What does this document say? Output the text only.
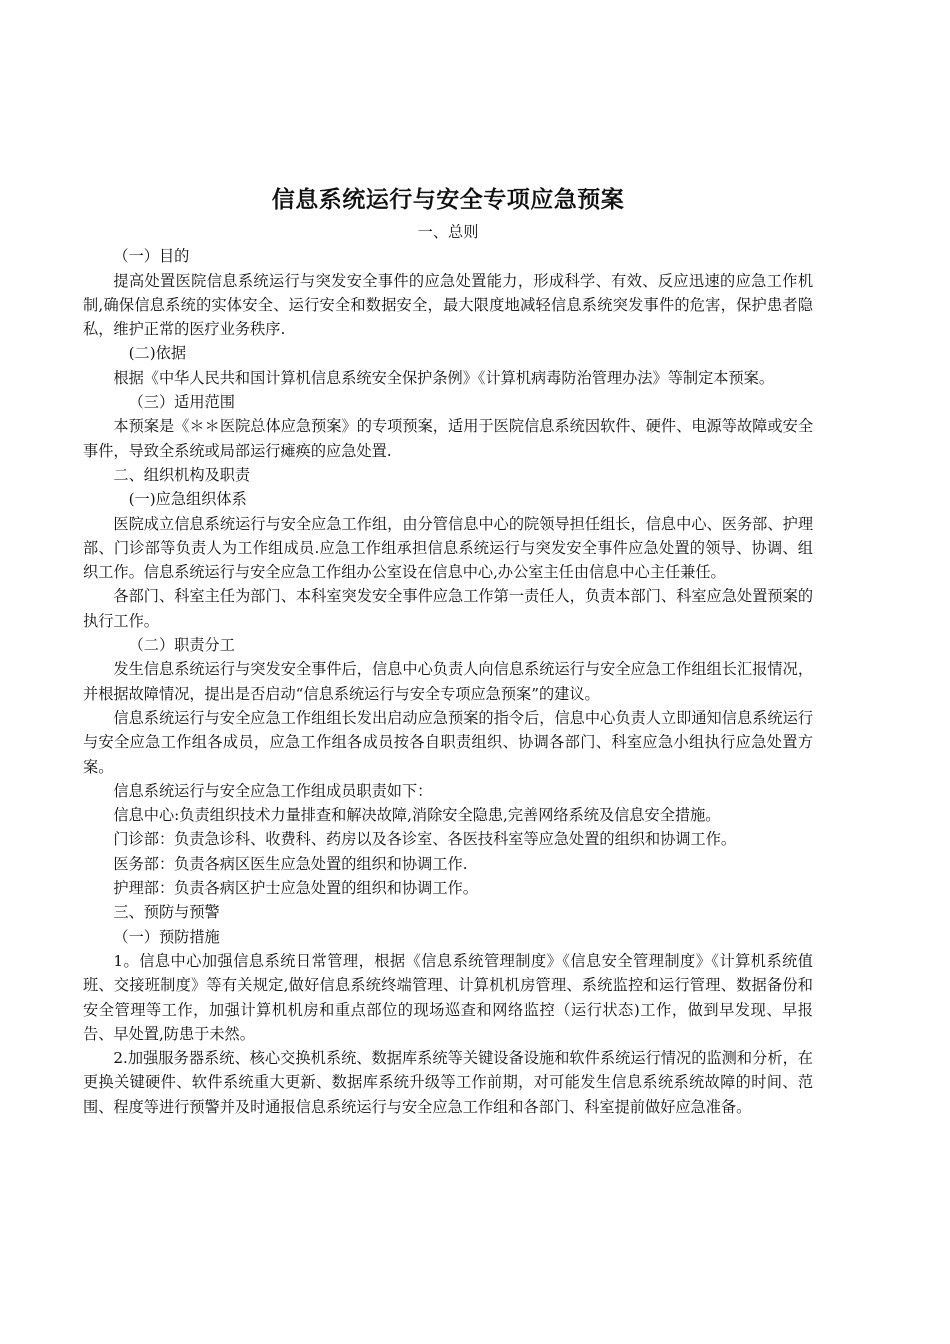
信息系统运行与安全专项应急预案

一、总则

（一）目的

提高处置医院信息系统运行与突发安全事件的应急处置能力，形成科学、有效、反应迅速的应急工作机制,确保信息系统的实体安全、运行安全和数据安全，最大限度地减轻信息系统突发事件的危害，保护患者隐私，维护正常的医疗业务秩序.

(二)依据

根据《中华人民共和国计算机信息系统安全保护条例》《计算机病毒防治管理办法》等制定本预案。

（三）适用范围

本预案是《＊＊医院总体应急预案》的专项预案，适用于医院信息系统因软件、硬件、电源等故障或安全事件，导致全系统或局部运行瘫痪的应急处置.

二、组织机构及职责

(一)应急组织体系

医院成立信息系统运行与安全应急工作组，由分管信息中心的院领导担任组长，信息中心、医务部、护理部、门诊部等负责人为工作组成员.应急工作组承担信息系统运行与突发安全事件应急处置的领导、协调、组织工作。信息系统运行与安全应急工作组办公室设在信息中心,办公室主任由信息中心主任兼任。

各部门、科室主任为部门、本科室突发安全事件应急工作第一责任人，负责本部门、科室应急处置预案的执行工作。

（二）职责分工

发生信息系统运行与突发安全事件后，信息中心负责人向信息系统运行与安全应急工作组组长汇报情况，并根据故障情况，提出是否启动“信息系统运行与安全专项应急预案”的建议。

信息系统运行与安全应急工作组组长发出启动应急预案的指令后，信息中心负责人立即通知信息系统运行与安全应急工作组各成员，应急工作组各成员按各自职责组织、协调各部门、科室应急小组执行应急处置方案。

信息系统运行与安全应急工作组成员职责如下：

信息中心:负责组织技术力量排查和解决故障,消除安全隐患,完善网络系统及信息安全措施。

门诊部：负责急诊科、收费科、药房以及各诊室、各医技科室等应急处置的组织和协调工作。

医务部：负责各病区医生应急处置的组织和协调工作.

护理部：负责各病区护士应急处置的组织和协调工作。

三、预防与预警

（一）预防措施

1。信息中心加强信息系统日常管理，根据《信息系统管理制度》《信息安全管理制度》《计算机系统值班、交接班制度》等有关规定,做好信息系统终端管理、计算机机房管理、系统监控和运行管理、数据备份和安全管理等工作，加强计算机机房和重点部位的现场巡查和网络监控（运行状态)工作，做到早发现、早报告、早处置,防患于未然。

2.加强服务器系统、核心交换机系统、数据库系统等关键设备设施和软件系统运行情况的监测和分析，在更换关键硬件、软件系统重大更新、数据库系统升级等工作前期，对可能发生信息系统系统故障的时间、范围、程度等进行预警并及时通报信息系统运行与安全应急工作组和各部门、科室提前做好应急准备。
